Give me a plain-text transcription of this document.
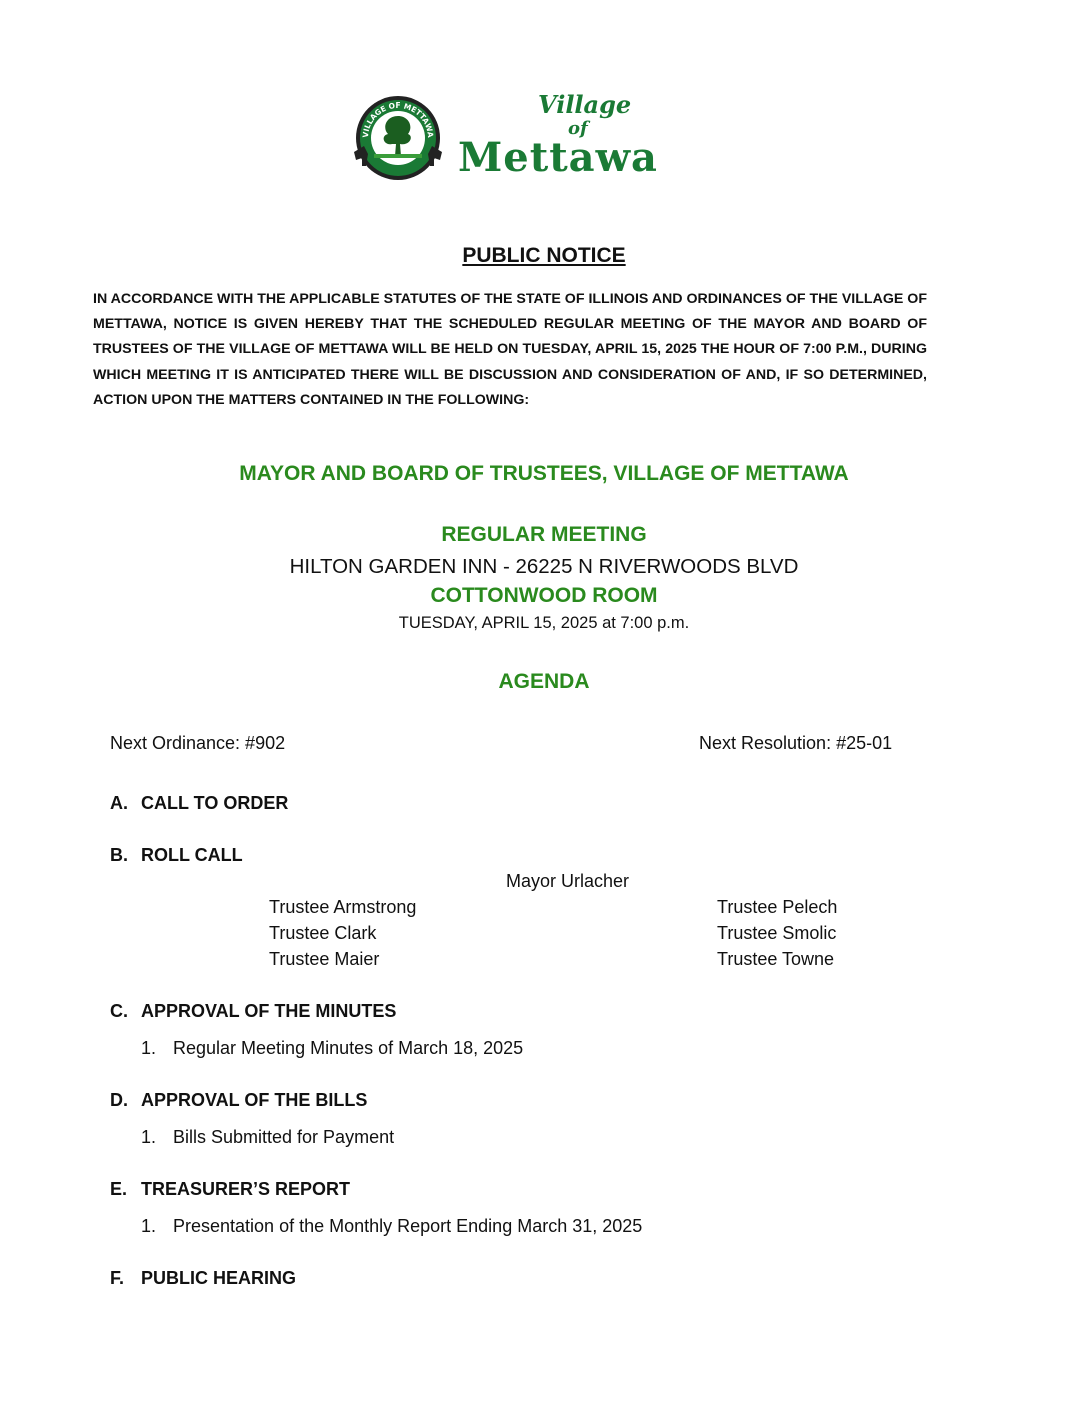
VILLAGE OF METTAWA
Village
of
Mettawa
PUBLIC NOTICE
IN ACCORDANCE WITH THE APPLICABLE STATUTES OF THE STATE OF ILLINOIS AND ORDINANCES OF THE VILLAGE OF METTAWA, NOTICE IS GIVEN HEREBY THAT THE SCHEDULED REGULAR MEETING OF THE MAYOR AND BOARD OF TRUSTEES OF THE VILLAGE OF METTAWA WILL BE HELD ON TUESDAY, APRIL 15, 2025 THE HOUR OF 7:00 P.M., DURING WHICH MEETING IT IS ANTICIPATED THERE WILL BE DISCUSSION AND CONSIDERATION OF AND, IF SO DETERMINED, ACTION UPON THE MATTERS CONTAINED IN THE FOLLOWING:
MAYOR AND BOARD OF TRUSTEES, VILLAGE OF METTAWA
REGULAR MEETING
HILTON GARDEN INN - 26225 N RIVERWOODS BLVD
COTTONWOOD ROOM
TUESDAY, APRIL 15, 2025 at 7:00 p.m.
AGENDA
Next Ordinance: #902	Next Resolution: #25-01
A. CALL TO ORDER
B. ROLL CALL
Mayor Urlacher
Trustee Armstrong
Trustee Clark
Trustee Maier
Trustee Pelech
Trustee Smolic
Trustee Towne
C. APPROVAL OF THE MINUTES
1. Regular Meeting Minutes of March 18, 2025
D. APPROVAL OF THE BILLS
1. Bills Submitted for Payment
E. TREASURER’S REPORT
1. Presentation of the Monthly Report Ending March 31, 2025
F. PUBLIC HEARING
